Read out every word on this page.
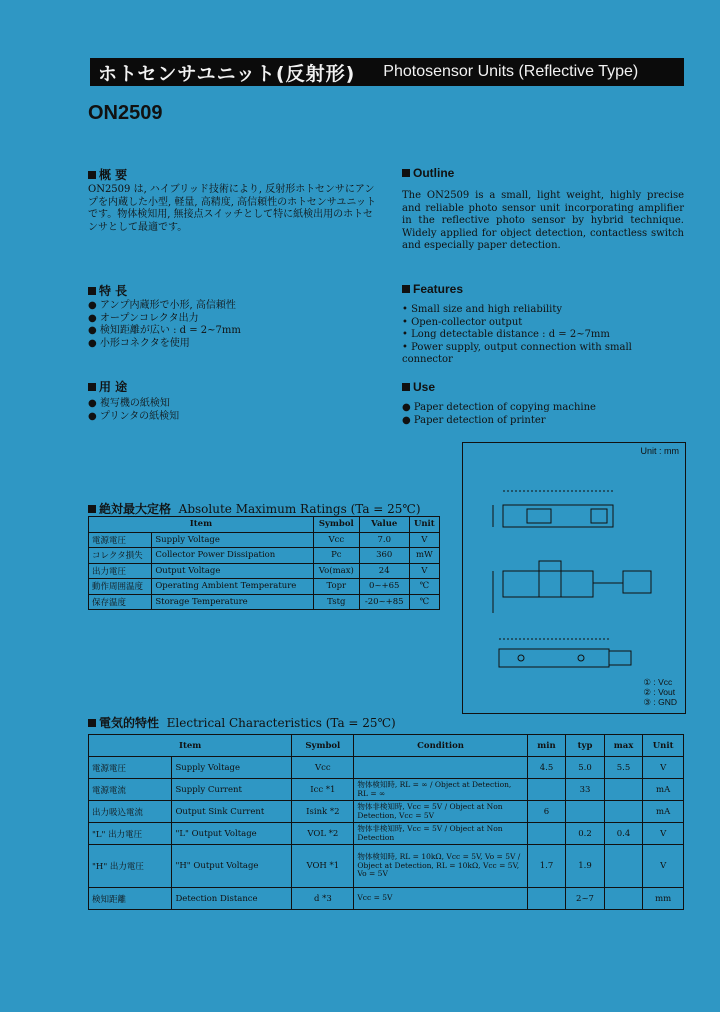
ホトセンサユニット(反射形) Photosensor Units (Reflective Type)
ON2509
概 要
ON2509 は, ハイブリッド技術により, 反射形ホトセンサにアンプを内蔵した小型, 軽量, 高精度, 高信頼性のホトセンサユニットです。物体検知用, 無接点スイッチとして特に紙検出用のホトセンサとして最適です。
Outline
The ON2509 is a small, light weight, highly precise and reliable photo sensor unit incorporating amplifier in the reflective photo sensor by hybrid technique. Widely applied for object detection, contactless switch and especially paper detection.
特 長
● アンプ内蔵形で小形, 高信頼性
● オープンコレクタ出力
● 検知距離が広い : d = 2~7mm
● 小形コネクタを使用
Features
• Small size and high reliability
• Open-collector output
• Long detectable distance : d = 2~7mm
• Power supply, output connection with small connector
用 途
● 複写機の紙検知
● プリンタの紙検知
Use
● Paper detection of copying machine
● Paper detection of printer
Unit : mm
① : Vcc
② : Vout
③ : GND
絶対最大定格 Absolute Maximum Ratings (Ta = 25℃)
Item		Symbol	Value	Unit
電源電圧	Supply Voltage	Vcc	7.0	V
コレクタ損失	Collector Power Dissipation	Pc	360	mW
出力電圧	Output Voltage	Vo(max)	24	V
動作周囲温度	Operating Ambient Temperature	Topr	0~+65	℃
保存温度	Storage Temperature	Tstg	-20~+85	℃
電気的特性 Electrical Characteristics (Ta = 25℃)
Item		Symbol	Condition	min	typ	max	Unit
電源電圧	Supply Voltage	Vcc		4.5	5.0	5.5	V
電源電流	Supply Current	Icc *1	物体検知時, RL = ∞ / Object at Detection, RL = ∞		33		mA
出力吸込電流	Output Sink Current	Isink *2	物体非検知時, Vcc = 5V / Object at Non Detection, Vcc = 5V	6			mA
"L" 出力電圧	"L" Output Voltage	VOL *2	物体非検知時, Vcc = 5V / Object at Non Detection		0.2	0.4	V
"H" 出力電圧	"H" Output Voltage	VOH *1	物体検知時, RL = 10kΩ, Vcc = 5V, Vo = 5V / Object at Detection, RL = 10kΩ, Vcc = 5V, Vo = 5V	1.7	1.9		V
検知距離	Detection Distance	d *3	Vcc = 5V		2~7		mm
